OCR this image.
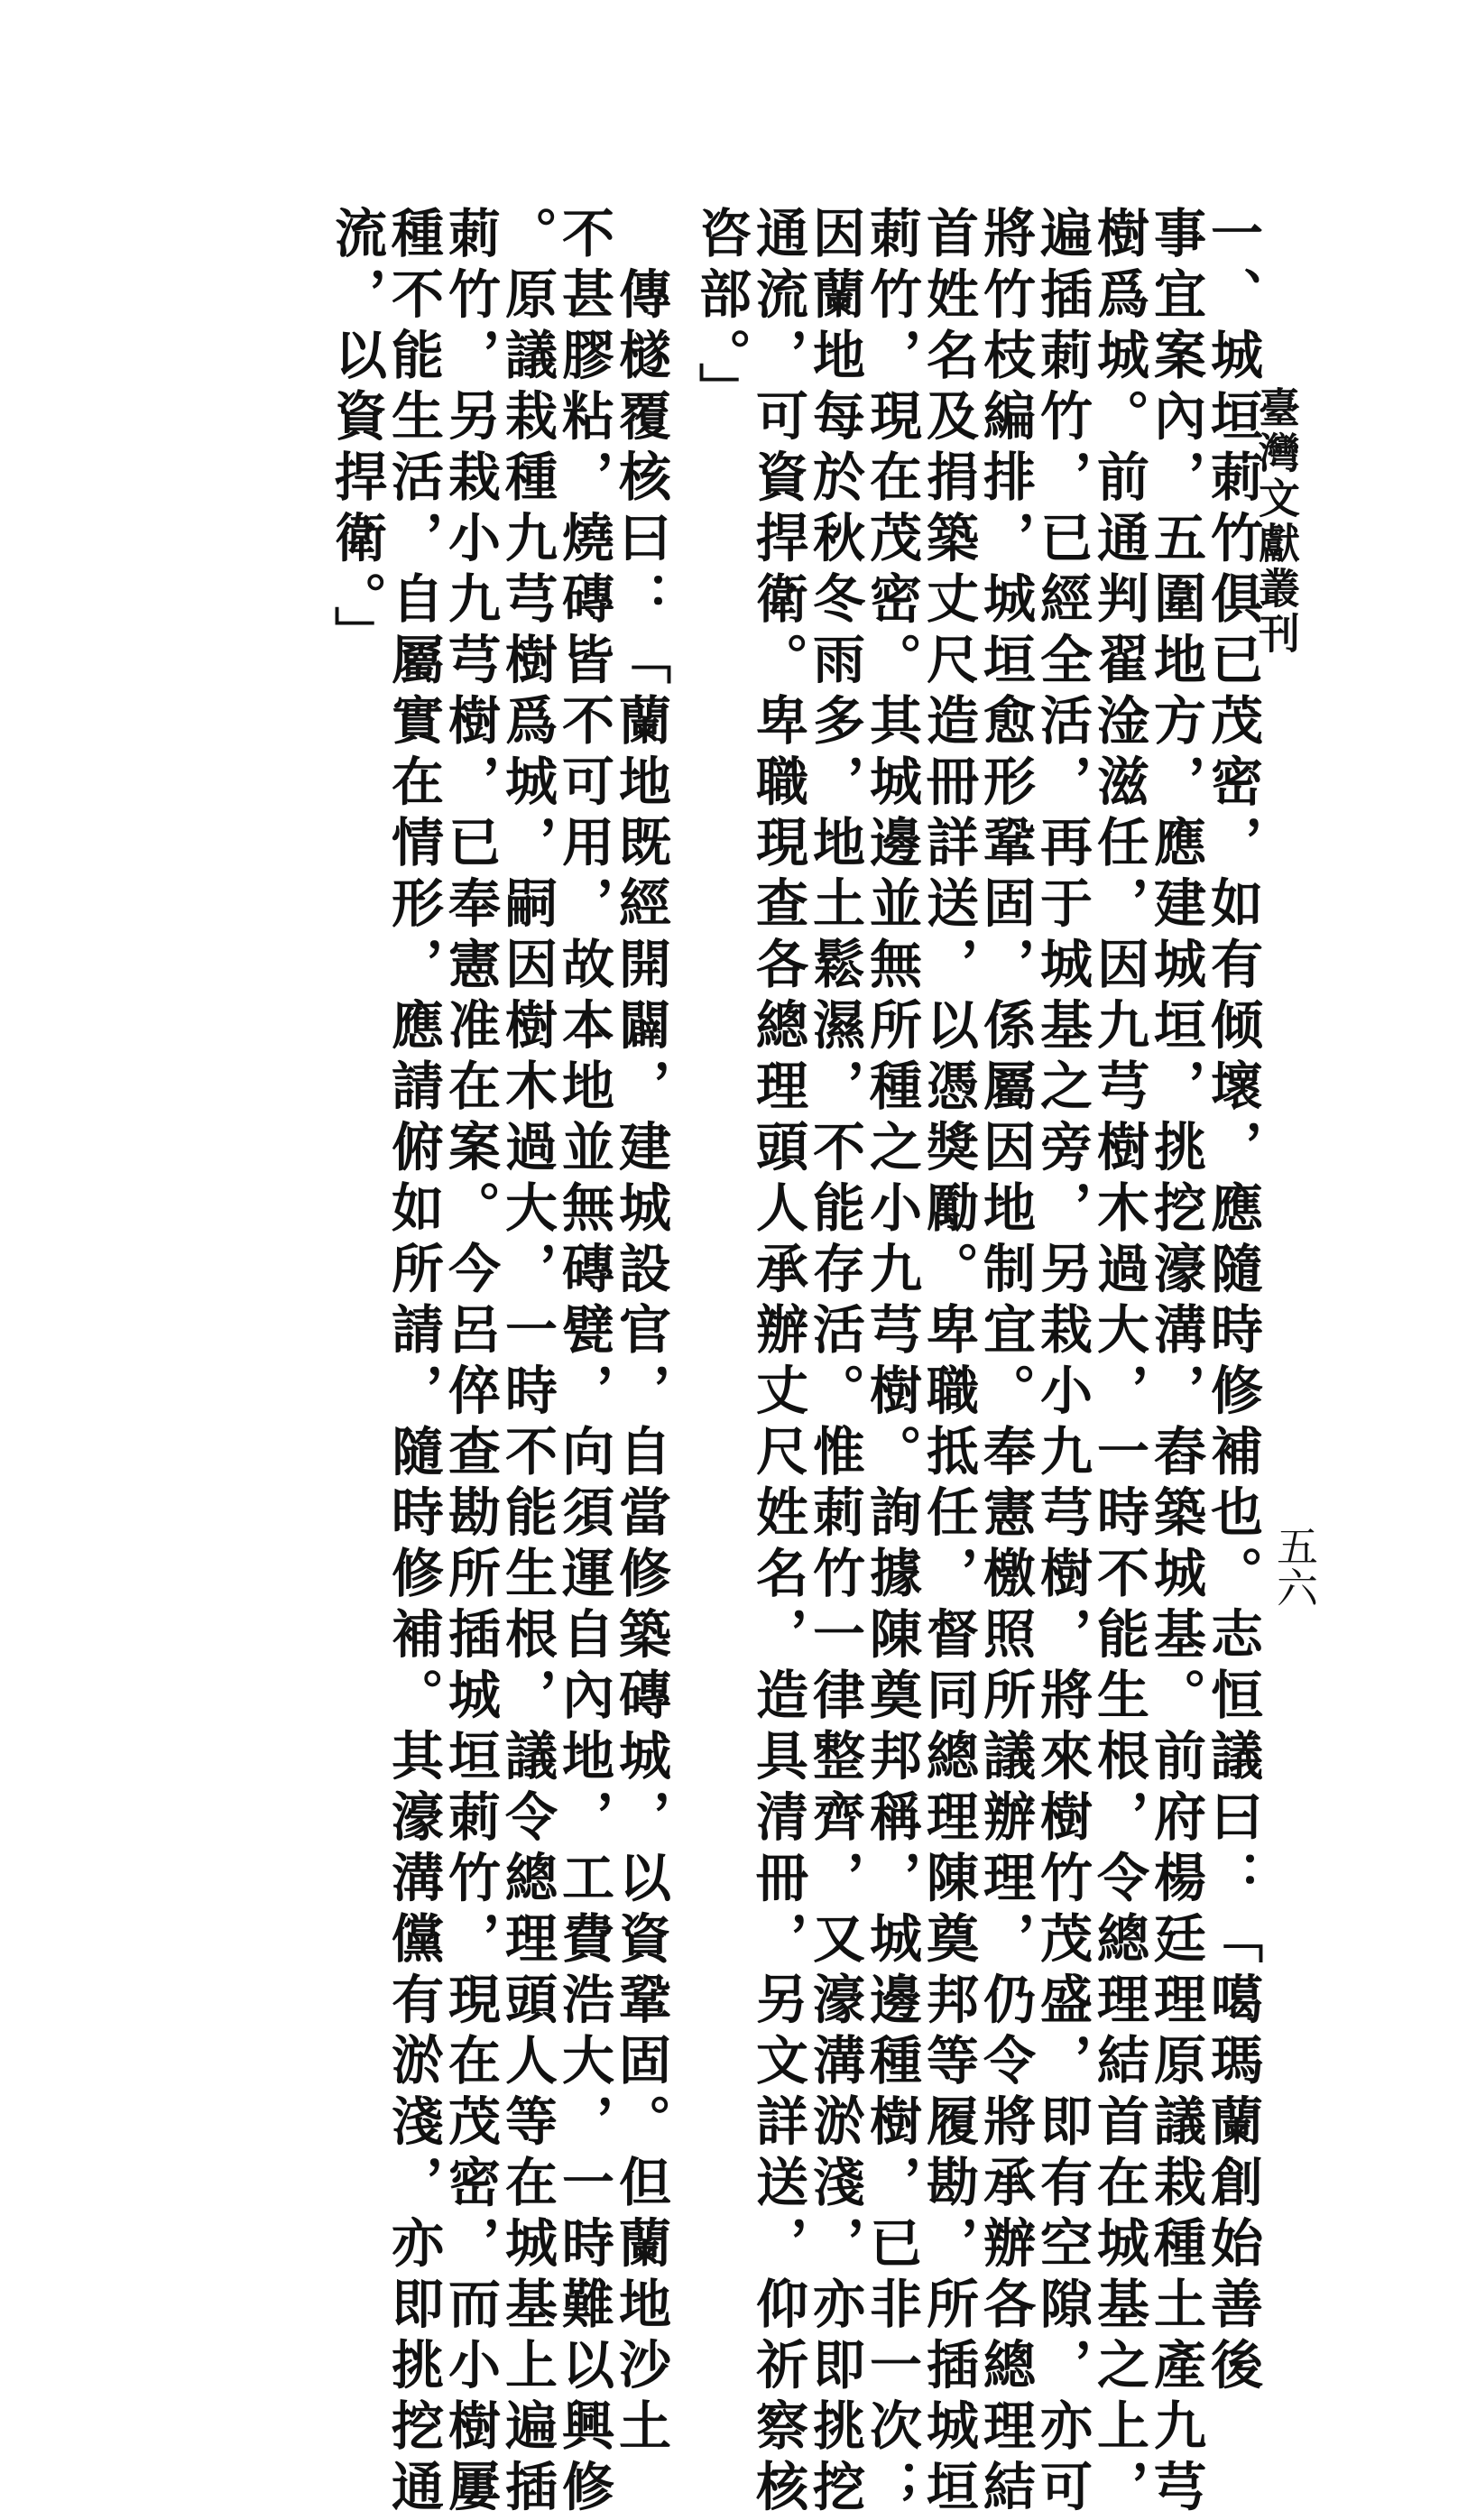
臺灣文獻叢刊
五六
一、城垣莿竹俱已茂密，如有倾壞，應隨時修補也。志恒議曰：「噶瑪蘭創始善後
事宜案內，五圍地方，應建城垣，挑挖濠溝，舂築城基。前府楊廷理原議栽種土產九芎
樹爲城。前通判翟淦滋任，因九芎樹木過大，一時不能生根，令總理結首在城基之上，
遍插莿竹，已經全活，再于城基之旁，另栽小九芎樹，將來樹竹茂盛，即有空隙，亦可
將竹枝編排，城垣愈形鞏固，係屬因地制宜。奉憲檄照所議辦理，仍令將承辦各總理結
首姓名及捐築丈尺造冊詳送，以憑獎勵。卑職抵任，督同總理陳奠邦等履勘，所插城垣
莿竹，現在茂密。其城邊並無所種之小九芎樹。詢據陳奠邦稱，城邊種樹，已非一次；
因蘭地每於秋冬雨多，地土鬆濕，不能存活。惟莿竹一律整齊，又濠溝淤淺，亦即挑挖
通流，可資捍衛。卑職現查各總理頭人承辦丈尺姓名，造具清冊，另文詳送，仰祈察核
咨部。」
　傳檖覆核曰：「蘭地既經開闢，建城設官，自當修築磚城，以資鞏固。但蘭地沙土
不甚膠粘，燒磚皆不可用，故本地並無磚甓，向須運自內地，工費浩大，一時難以興修
。原議栽種九芎樹爲城，嗣因樹木過大，一時不能生根，議令總理頭人等在城基上遍插
莿竹，另栽小九芎樹，已奉憲准在案。今呂倅查勘所插城垣莿竹，現在茂密，而小樹屢
種不能生活，自屬實在情形，應請俯如所請，隨時修補。其濠溝儻有淤淺，亦即挑挖通
流，以資捍衛。」
